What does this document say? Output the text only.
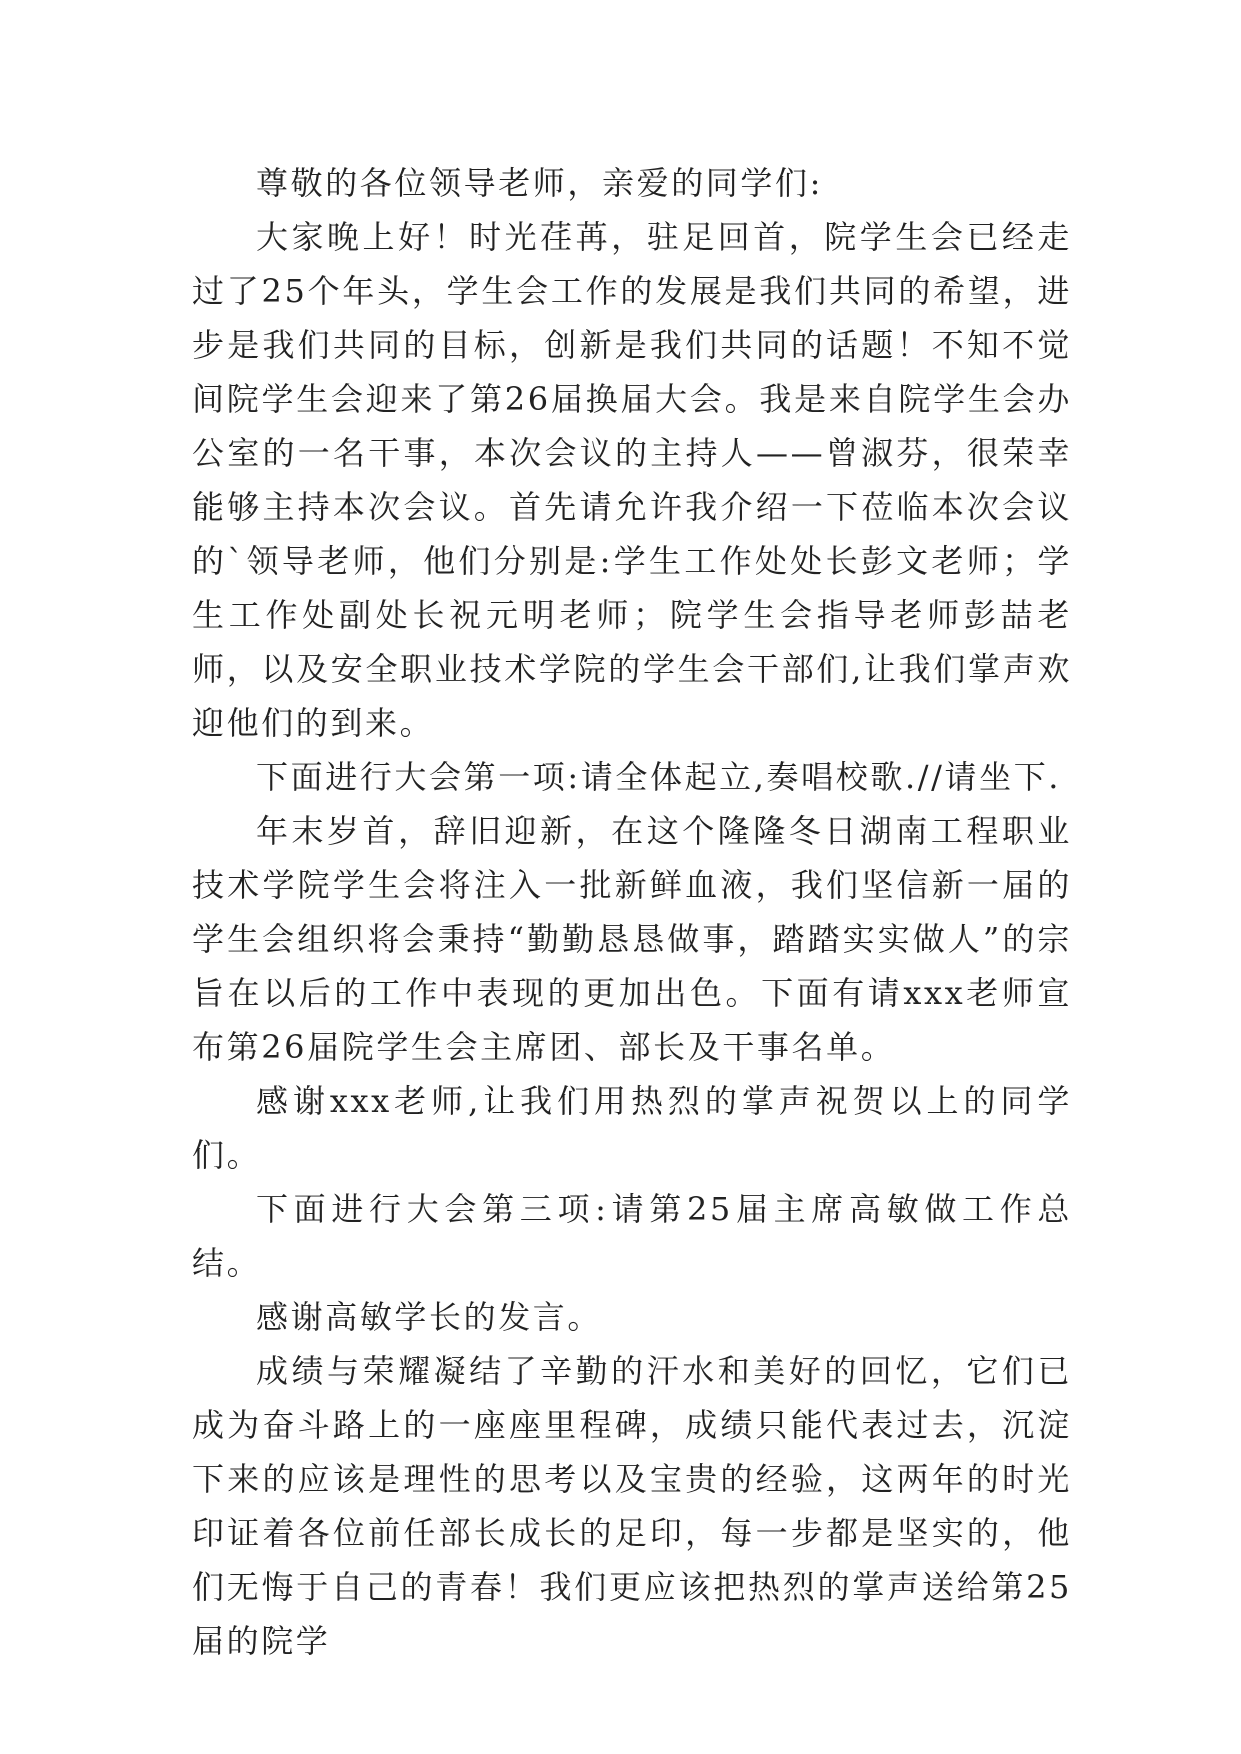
尊敬的各位领导老师，亲爱的同学们:

大家晚上好！时光荏苒，驻足回首，院学生会已经走过了25个年头，学生会工作的发展是我们共同的希望，进步是我们共同的目标，创新是我们共同的话题！不知不觉间院学生会迎来了第26届换届大会。我是来自院学生会办公室的一名干事，本次会议的主持人——曾淑芬，很荣幸能够主持本次会议。首先请允许我介绍一下莅临本次会议的`领导老师，他们分别是:学生工作处处长彭文老师；学生工作处副处长祝元明老师；院学生会指导老师彭喆老师，以及安全职业技术学院的学生会干部们,让我们掌声欢迎他们的到来。

下面进行大会第一项:请全体起立,奏唱校歌.//请坐下.

年末岁首，辞旧迎新，在这个隆隆冬日湖南工程职业技术学院学生会将注入一批新鲜血液，我们坚信新一届的学生会组织将会秉持“勤勤恳恳做事，踏踏实实做人”的宗旨在以后的工作中表现的更加出色。下面有请xxx老师宣布第26届院学生会主席团、部长及干事名单。

感谢xxx老师,让我们用热烈的掌声祝贺以上的同学们。

下面进行大会第三项:请第25届主席高敏做工作总结。

感谢高敏学长的发言。

成绩与荣耀凝结了辛勤的汗水和美好的回忆，它们已成为奋斗路上的一座座里程碑，成绩只能代表过去，沉淀下来的应该是理性的思考以及宝贵的经验，这两年的时光印证着各位前任部长成长的足印，每一步都是坚实的，他们无悔于自己的青春！我们更应该把热烈的掌声送给第25届的院学
